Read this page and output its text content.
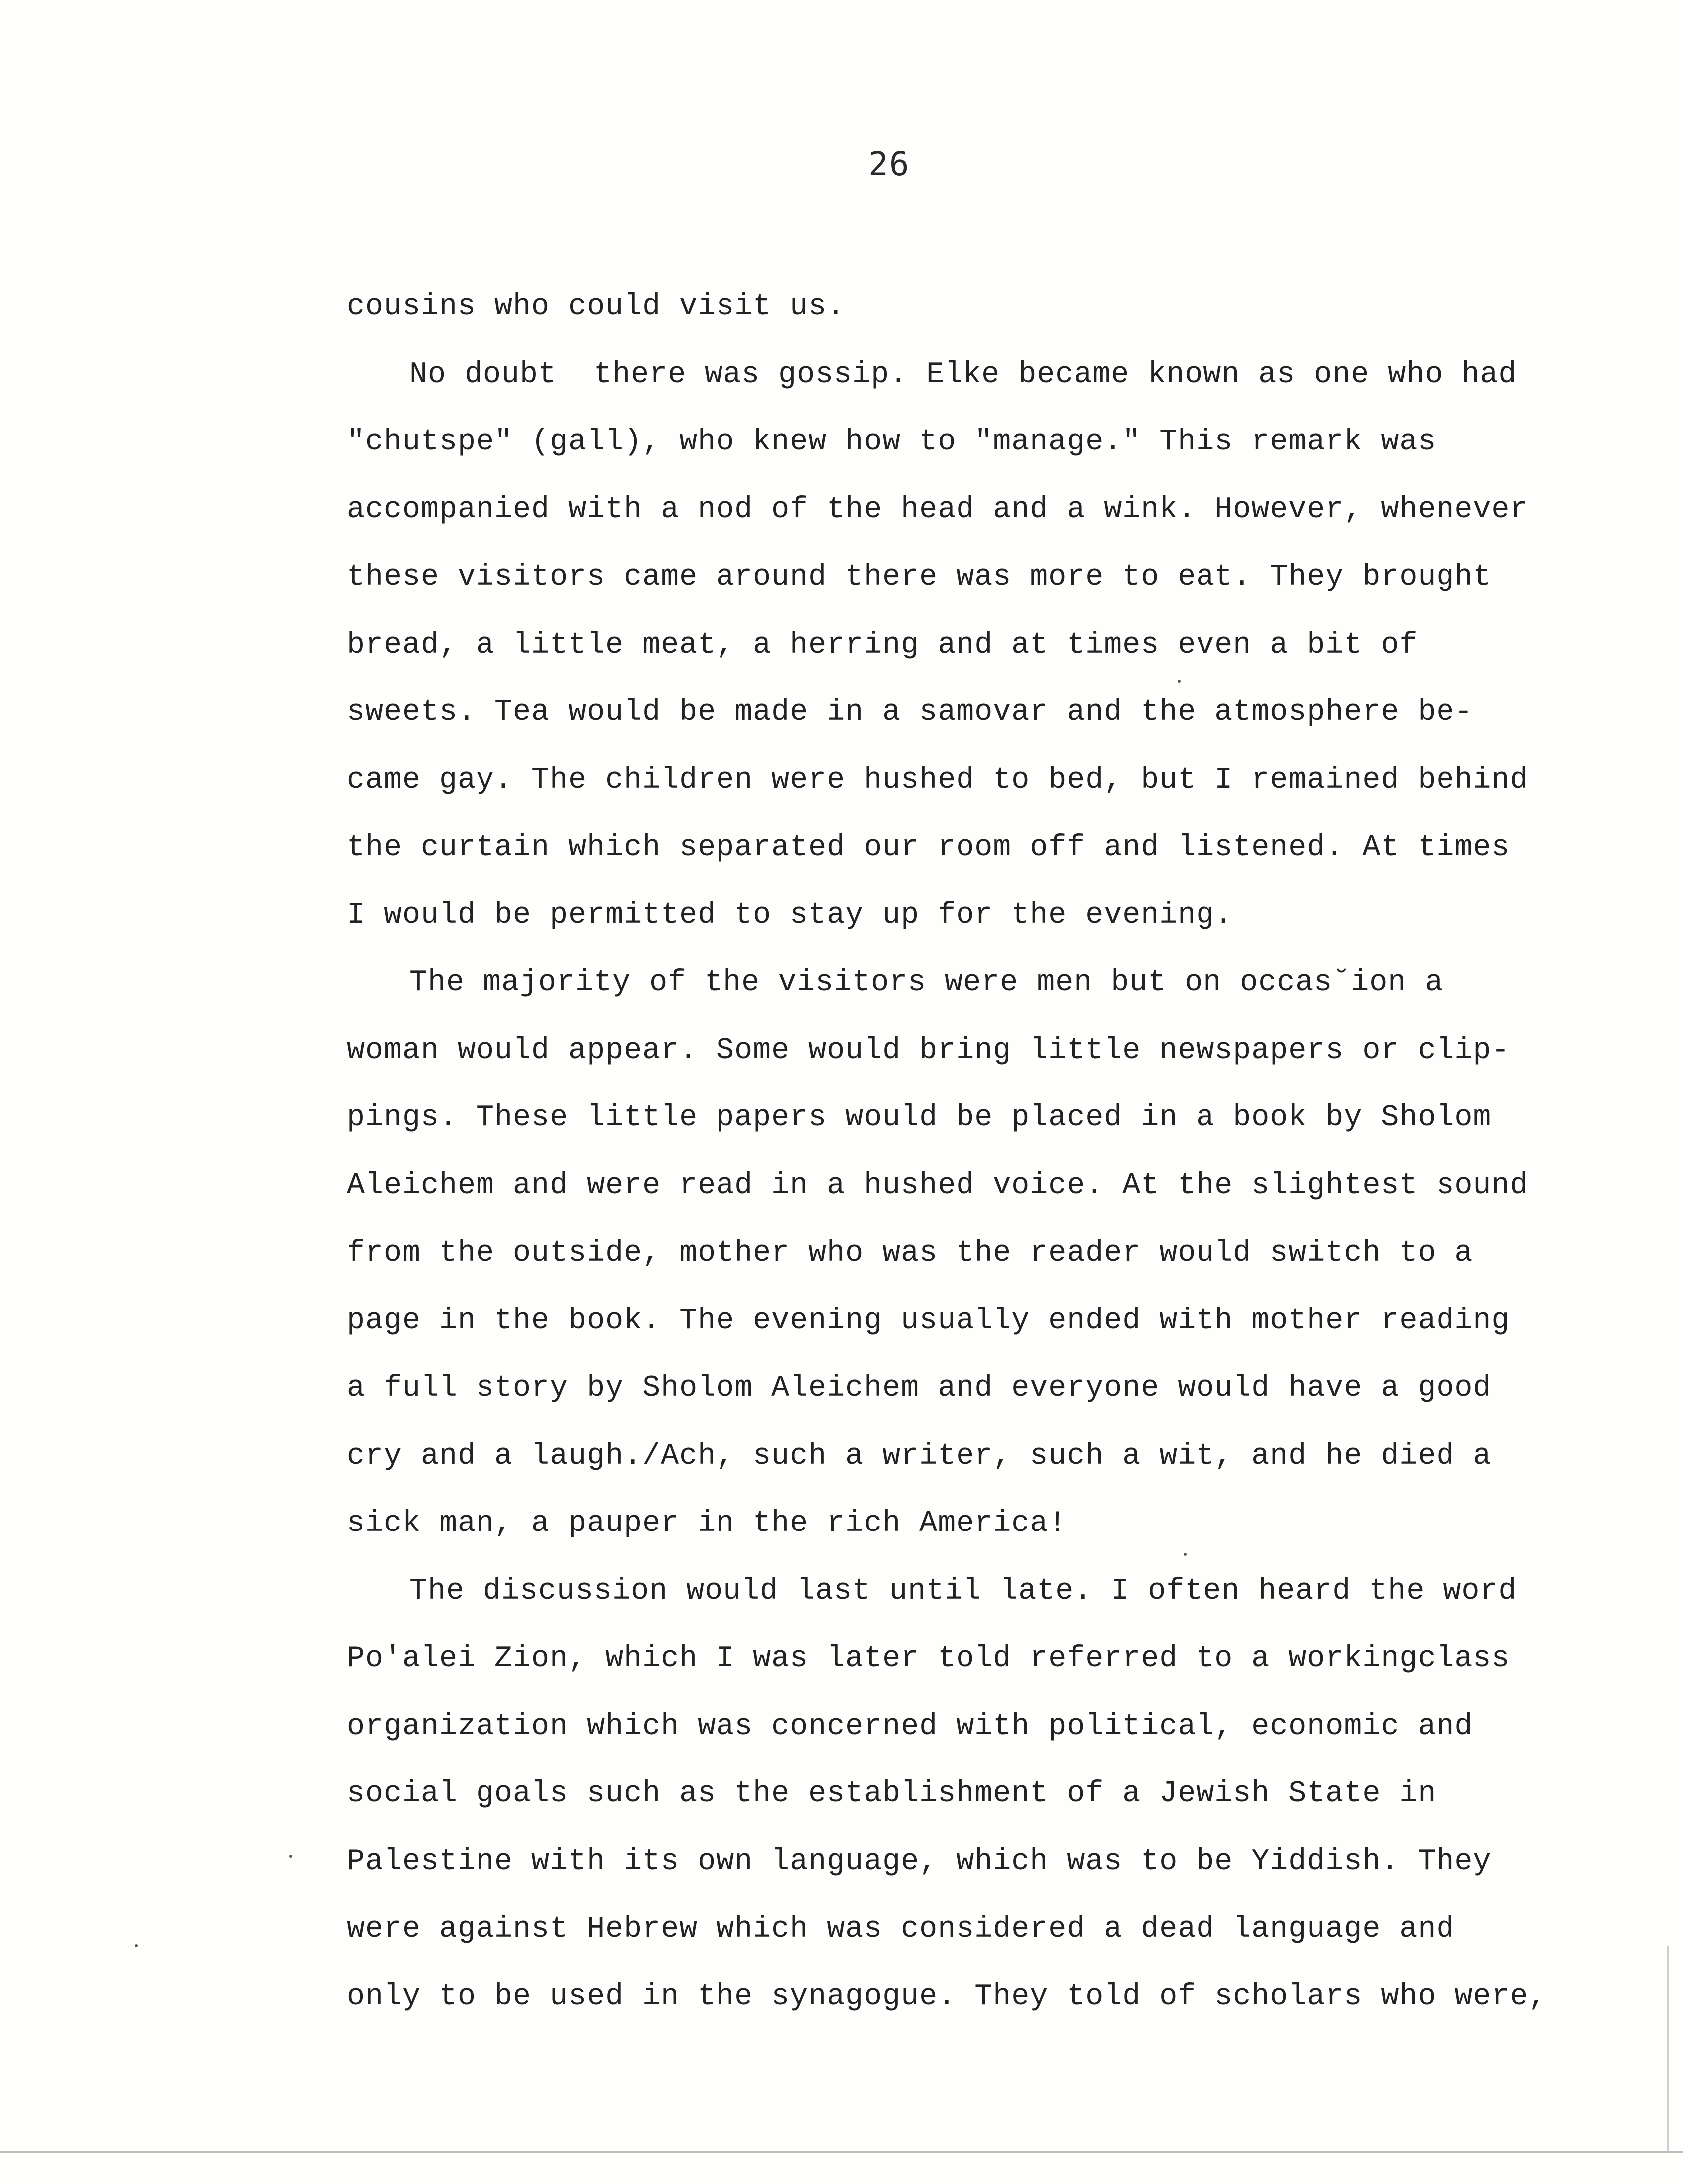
26
cousins who could visit us.
No doubt  there was gossip. Elke became known as one who had
"chutspe" (gall), who knew how to "manage." This remark was
accompanied with a nod of the head and a wink. However, whenever
these visitors came around there was more to eat. They brought
bread, a little meat, a herring and at times even a bit of
sweets. Tea would be made in a samovar and the atmosphere be-
came gay. The children were hushed to bed, but I remained behind
the curtain which separated our room off and listened. At times
I would be permitted to stay up for the evening.
The majority of the visitors were men but on occas˘ion a
woman would appear. Some would bring little newspapers or clip-
pings. These little papers would be placed in a book by Sholom
Aleichem and were read in a hushed voice. At the slightest sound
from the outside, mother who was the reader would switch to a
page in the book. The evening usually ended with mother reading
a full story by Sholom Aleichem and everyone would have a good
cry and a laugh./Ach, such a writer, such a wit, and he died a
sick man, a pauper in the rich America!
The discussion would last until late. I often heard the word
Po'alei Zion, which I was later told referred to a workingclass
organization which was concerned with political, economic and
social goals such as the establishment of a Jewish State in
Palestine with its own language, which was to be Yiddish. They
were against Hebrew which was considered a dead language and
only to be used in the synagogue. They told of scholars who were,
